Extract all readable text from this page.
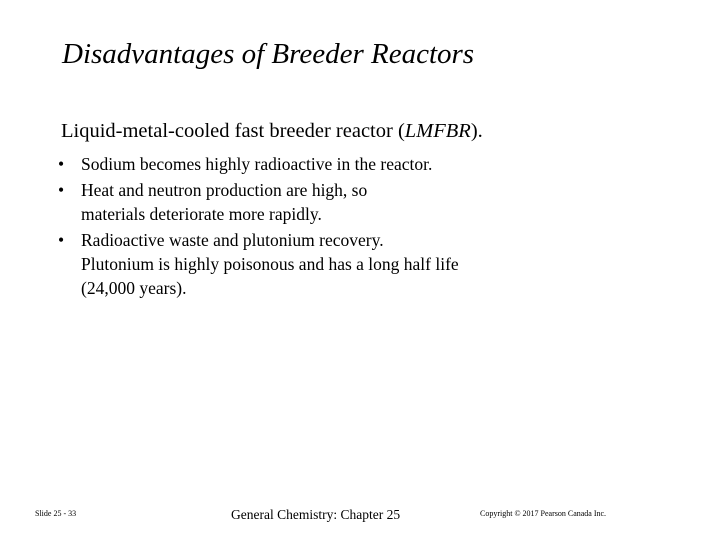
Disadvantages of Breeder Reactors
Liquid-metal-cooled fast breeder reactor (LMFBR).
• Sodium becomes highly radioactive in the reactor.
• Heat and neutron production are high, so
materials deteriorate more rapidly.
• Radioactive waste and plutonium recovery.
Plutonium is highly poisonous and has a long half life
(24,000 years).
Slide 25 - 33	General Chemistry: Chapter 25	Copyright © 2017 Pearson Canada Inc.
